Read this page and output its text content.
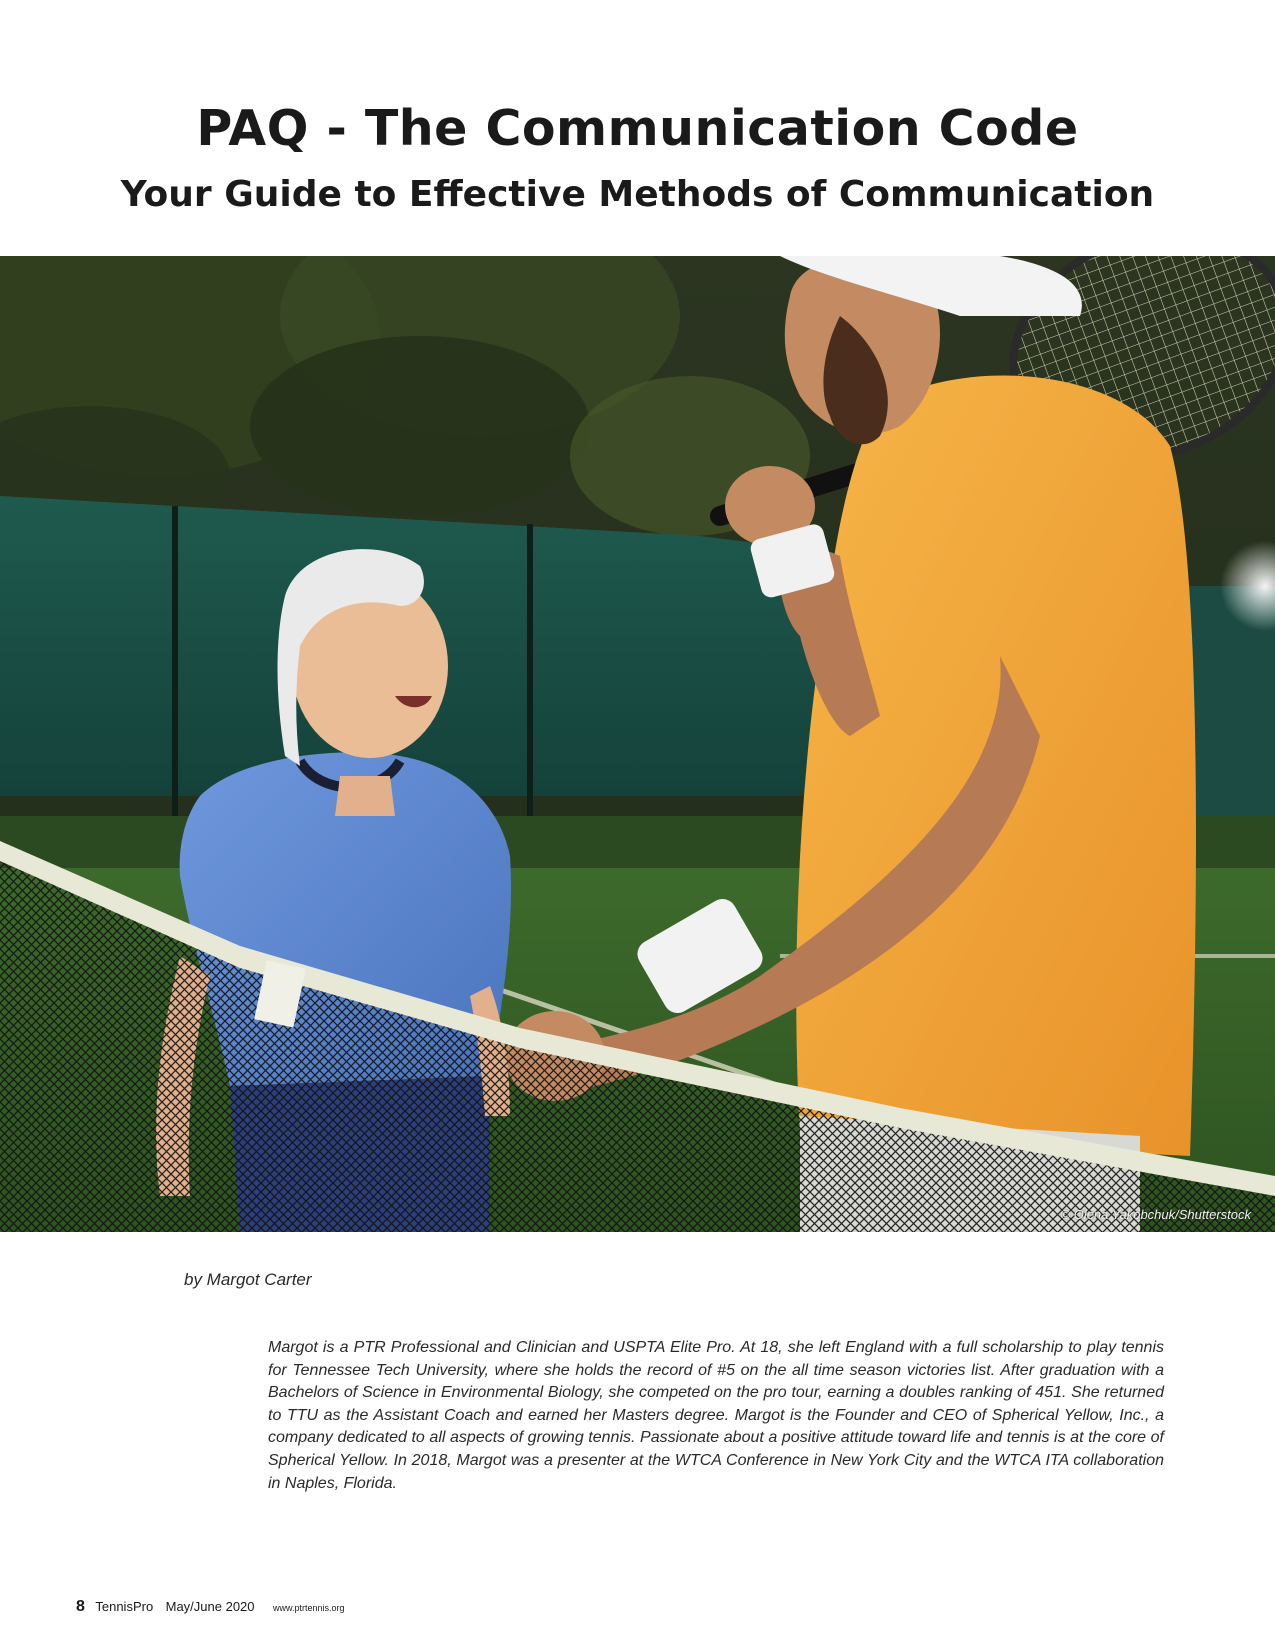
PAQ - The Communication Code
Your Guide to Effective Methods of Communication
© Olena Yakobchuk/Shutterstock
by Margot Carter

Margot is a PTR Professional and Clinician and USPTA Elite Pro. At 18, she left England with a full scholarship to play tennis for Tennessee Tech University, where she holds the record of #5 on the all time season victories list. After graduation with a Bachelors of Science in Environmental Biology, she competed on the pro tour, earning a doubles ranking of 451. She returned to TTU as the Assistant Coach and earned her Masters degree. Margot is the Founder and CEO of Spherical Yellow, Inc., a company dedicated to all aspects of growing tennis. Passionate about a positive attitude toward life and tennis is at the core of Spherical Yellow. In 2018, Margot was a presenter at the WTCA Conference in New York City and the WTCA ITA collaboration in Naples, Florida.

8 TennisPro May/June 2020 www.ptrtennis.org
